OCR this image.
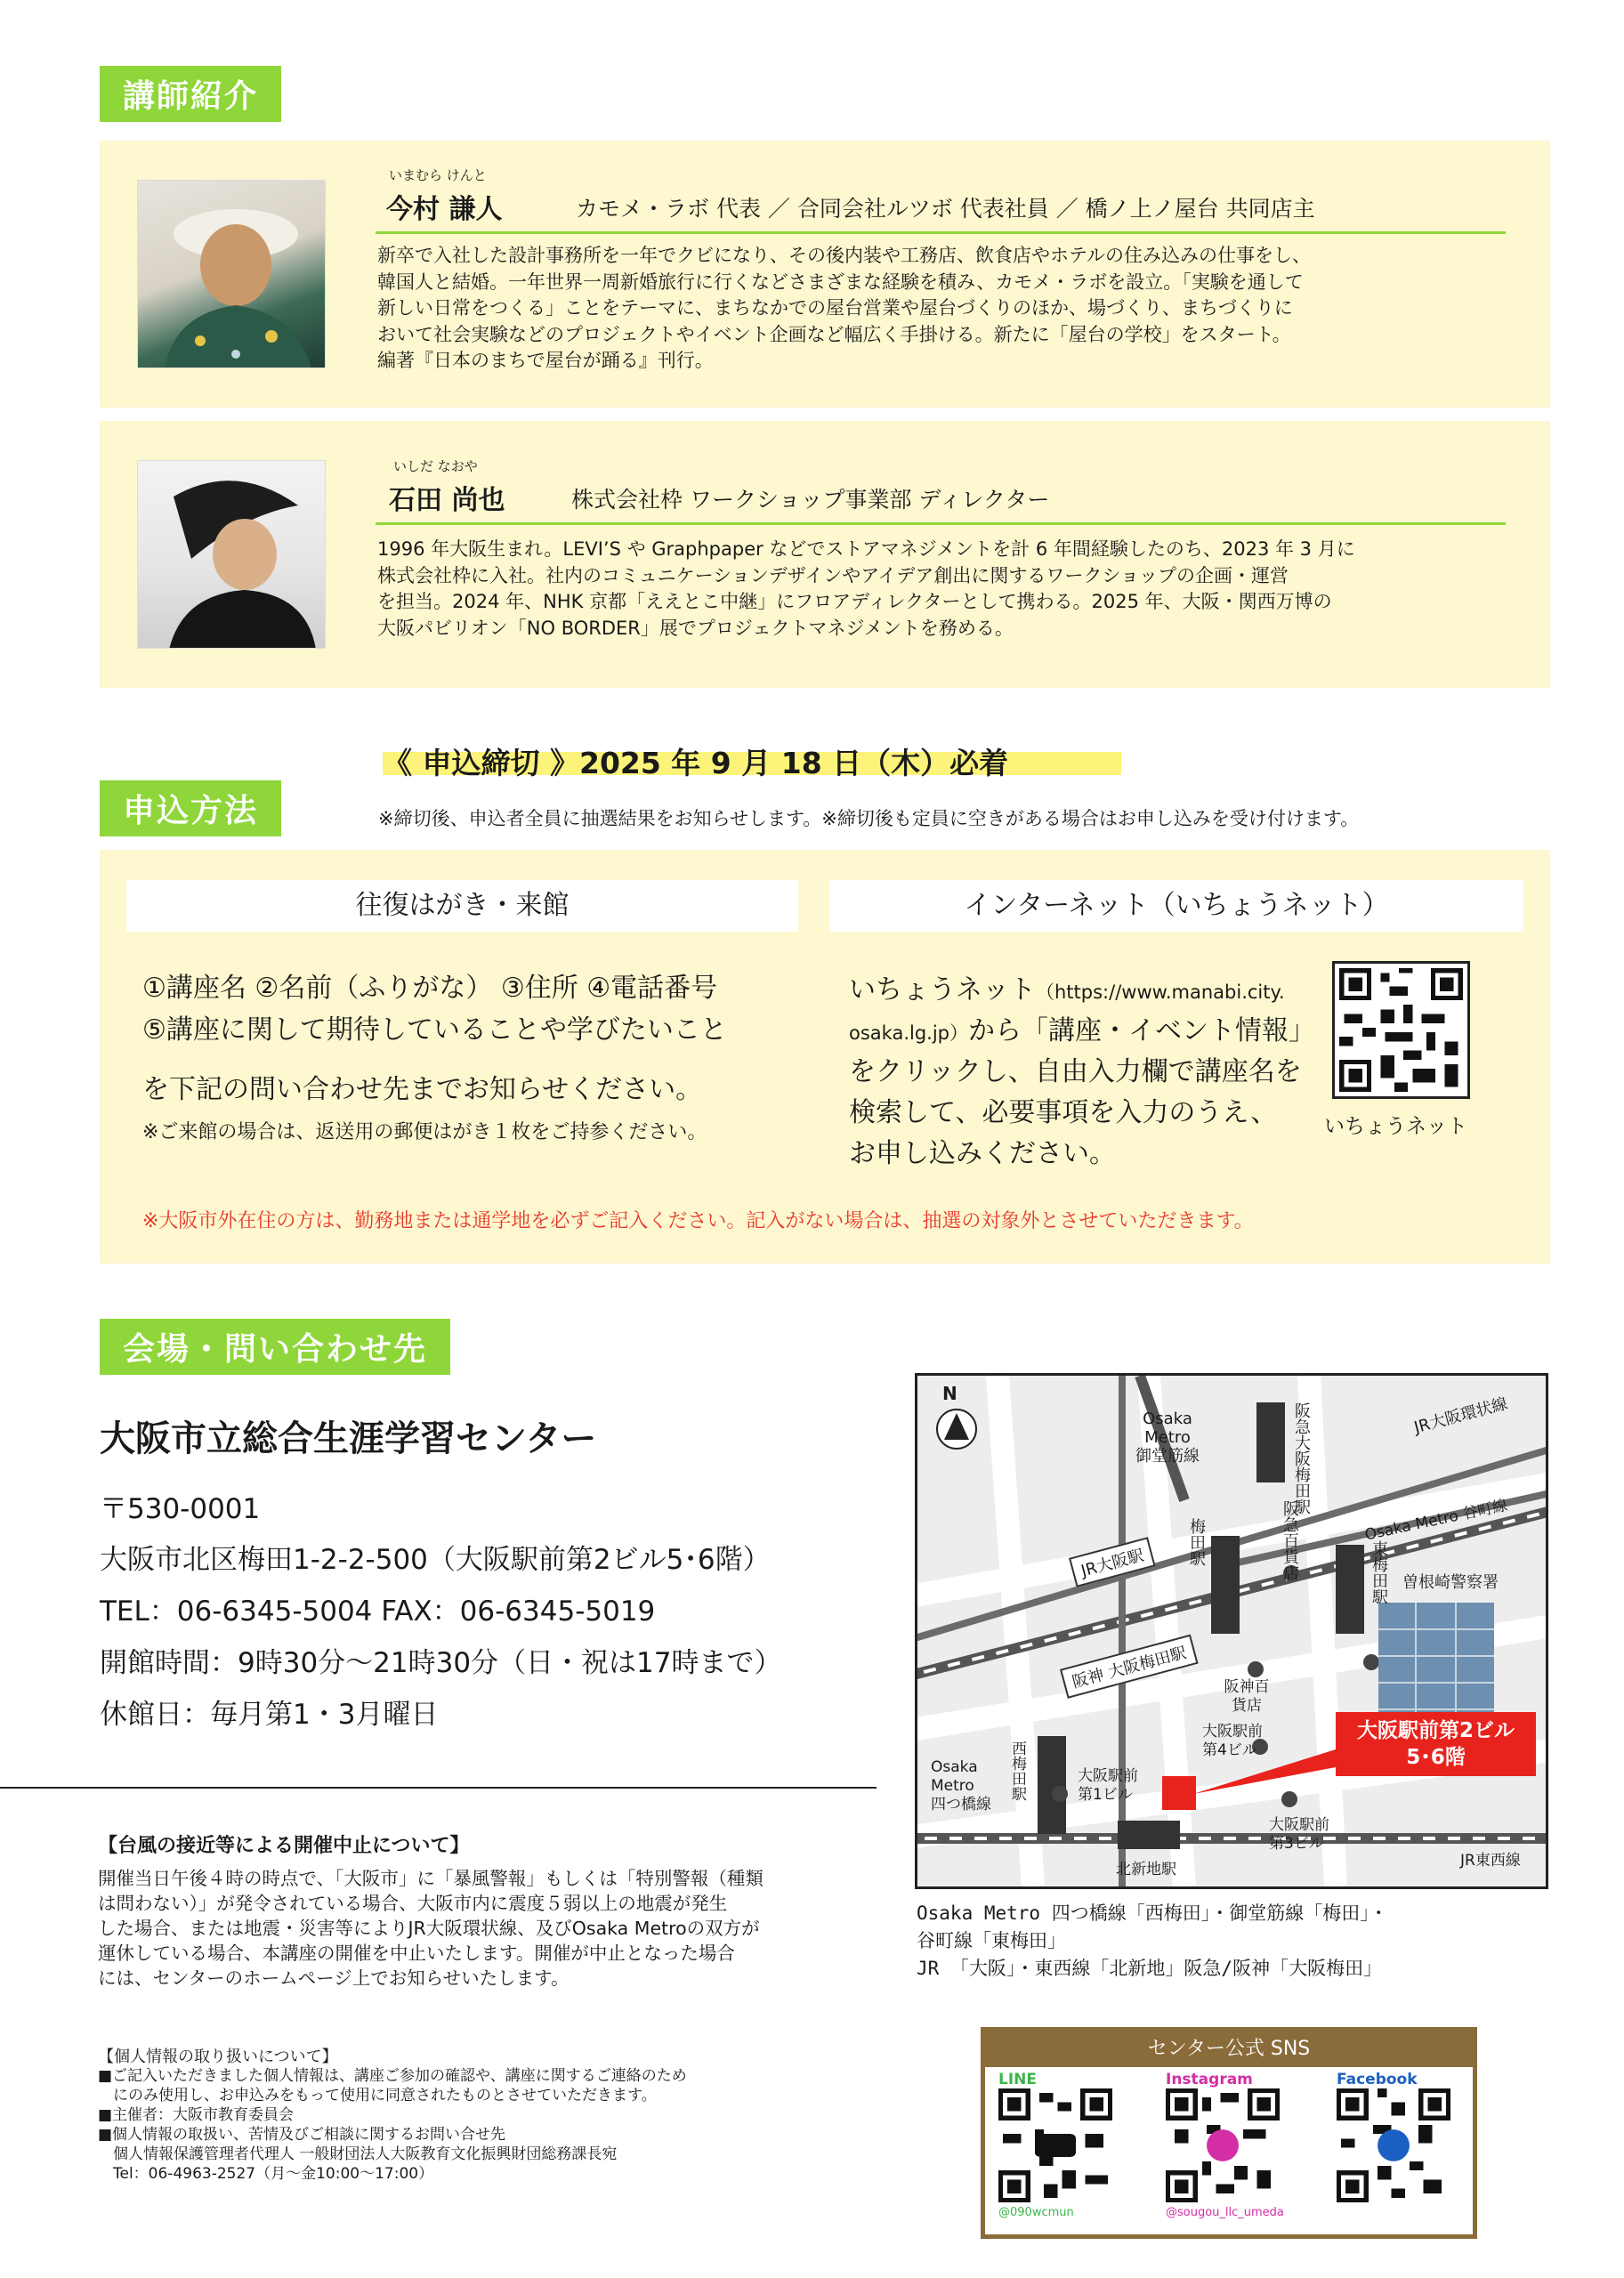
講師紹介
いまむら けんと
今村 謙人	カモメ・ラボ 代表 ／ 合同会社ルツボ 代表社員 ／ 橋ノ上ノ屋台 共同店主
新卒で入社した設計事務所を一年でクビになり、その後内装や工務店、飲食店やホテルの住み込みの仕事をし、
韓国人と結婚。一年世界一周新婚旅行に行くなどさまざまな経験を積み、カモメ・ラボを設立。「実験を通して
新しい日常をつくる」ことをテーマに、まちなかでの屋台営業や屋台づくりのほか、場づくり、まちづくりに
おいて社会実験などのプロジェクトやイベント企画など幅広く手掛ける。新たに「屋台の学校」をスタート。
編著『日本のまちで屋台が踊る』刊行。
いしだ なおや
石田 尚也	株式会社枠 ワークショップ事業部 ディレクター
1996 年大阪生まれ。LEVI’S や Graphpaper などでストアマネジメントを計 6 年間経験したのち、2023 年 3 月に
株式会社枠に入社。社内のコミュニケーションデザインやアイデア創出に関するワークショップの企画・運営
を担当。2024 年、NHK 京都「ええとこ中継」にフロアディレクターとして携わる。2025 年、大阪・関西万博の
大阪パビリオン「NO BORDER」展でプロジェクトマネジメントを務める。
《 申込締切 》2025 年 9 月 18 日（木）必着
申込方法	※締切後、申込者全員に抽選結果をお知らせします。※締切後も定員に空きがある場合はお申し込みを受け付けます。
往復はがき・来館	インターネット（いちょうネット）
①講座名 ②名前（ふりがな） ③住所 ④電話番号
⑤講座に関して期待していることや学びたいこと
を下記の問い合わせ先までお知らせください。
※ご来館の場合は、返送用の郵便はがき１枚をご持参ください。
いちょうネット（https://www.manabi.city.
osaka.lg.jp）から「講座・イベント情報」
をクリックし、自由入力欄で講座名を
検索して、必要事項を入力のうえ、
お申し込みください。
いちょうネット
※大阪市外在住の方は、勤務地または通学地を必ずご記入ください。記入がない場合は、抽選の対象外とさせていただきます。
会場・問い合わせ先
大阪市立総合生涯学習センター
〒530-0001
大阪市北区梅田1-2-2-500（大阪駅前第2ビル5･6階）
TEL：06-6345-5004 FAX：06-6345-5019
開館時間：9時30分～21時30分（日・祝は17時まで）
休館日：毎月第1・3月曜日
【台風の接近等による開催中止について】
開催当日午後４時の時点で、「大阪市」に「暴風警報」もしくは「特別警報（種類
は問わない）」が発令されている場合、大阪市内に震度５弱以上の地震が発生
した場合、または地震・災害等によりJR大阪環状線、及びOsaka Metroの双方が
運休している場合、本講座の開催を中止いたします。開催が中止となった場合
には、センターのホームページ上でお知らせいたします。
【個人情報の取り扱いについて】
■ご記入いただきました個人情報は、講座ご参加の確認や、講座に関するご連絡のため
　にのみ使用し、お申込みをもって使用に同意されたものとさせていただきます。
■主催者：大阪市教育委員会
■個人情報の取扱い、苦情及びご相談に関するお問い合せ先
　個人情報保護管理者代理人 一般財団法人大阪教育文化振興財団総務課長宛
　Tel：06-4963-2527（月～金10:00～17:00）
N
Osaka
Metro
御堂筋線	阪急大阪梅田駅	JR大阪環状線
JR大阪駅	梅田駅	阪急百貨店	Osaka Metro 谷町線
東梅田駅 曽根崎警察署
阪神 大阪梅田駅	阪神百貨店
大阪駅前
第4ビル
大阪駅前第2ビル
5･6階
Osaka
Metro
四つ橋線
西梅田駅	大阪駅前
第1ビル
北新地駅
大阪駅前
第3ビル
JR東西線
Osaka Metro 四つ橋線「西梅田」・御堂筋線「梅田」・
谷町線「東梅田」
JR 「大阪」・東西線「北新地」阪急/阪神「大阪梅田」
センター公式 SNS
LINE
@090wcmun
Instagram
@sougou_llc_umeda
Facebook
